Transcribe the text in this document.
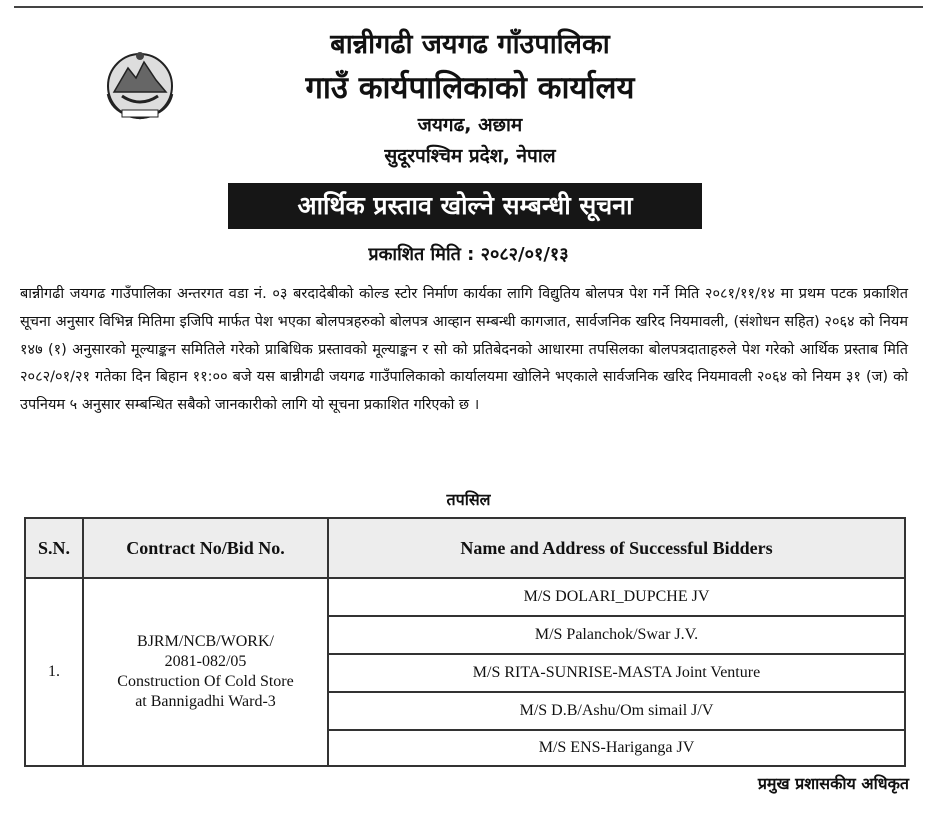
बान्नीगढी जयगढ गाँउपालिका
गाउँ कार्यपालिकाको कार्यालय
जयगढ, अछाम
सुदूरपश्चिम प्रदेश, नेपाल
आर्थिक प्रस्ताव खोल्ने सम्बन्धी सूचना
प्रकाशित मिति : २०८२/०१/१३
बान्नीगढी जयगढ गाउँपालिका अन्तरगत वडा नं. ०३ बरदादेबीको कोल्ड स्टोर निर्माण कार्यका लागि विद्युतिय बोलपत्र पेश गर्ने मिति २०८१/११/१४ मा प्रथम पटक प्रकाशित सूचना अनुसार विभिन्न मितिमा इजिपि मार्फत पेश भएका बोलपत्रहरुको बोलपत्र आव्हान सम्बन्धी कागजात, सार्वजनिक खरिद नियमावली, (संशोधन सहित) २०६४ को नियम १४७ (१) अनुसारको मूल्याङ्कन समितिले गरेको प्राबिधिक प्रस्तावको मूल्याङ्कन र सो को प्रतिबेदनको आधारमा तपसिलका बोलपत्रदाताहरुले पेश गरेको आर्थिक प्रस्ताब मिति २०८२/०१/२१ गतेका दिन बिहान ११:०० बजे यस बान्नीगढी जयगढ गाउँपालिकाको कार्यालयमा खोलिने भएकाले सार्वजनिक खरिद नियमावली २०६४ को नियम ३१ (ज) को उपनियम ५ अनुसार सम्बन्धित सबैको जानकारीको लागि यो सूचना प्रकाशित गरिएको छ ।
तपसिल
S.N.	Contract No/Bid No.	Name and Address of Successful Bidders
1.	BJRM/NCB/WORK/
2081-082/05
Construction Of Cold Store
at Bannigadhi Ward-3	M/S DOLARI_DUPCHE JV
		M/S Palanchok/Swar J.V.
		M/S RITA-SUNRISE-MASTA Joint Venture
		M/S D.B/Ashu/Om simail J/V
		M/S ENS-Hariganga JV
प्रमुख प्रशासकीय अधिकृत
